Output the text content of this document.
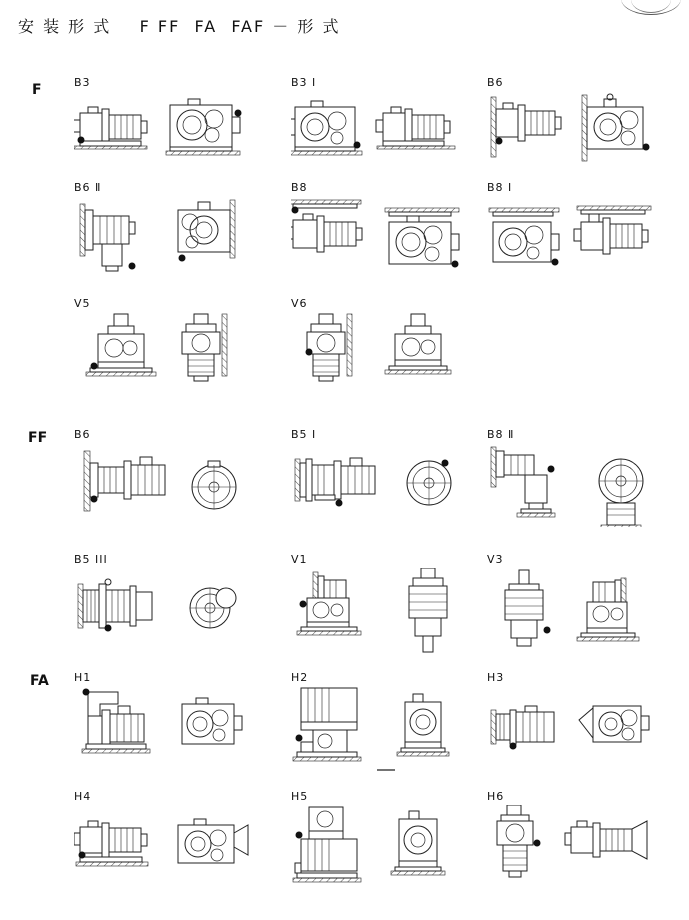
安 装 形 式    F FF  FA  FAF － 形 式
F
FF
FA
B3	B3 Ⅰ	B6
B6 Ⅱ	B8	B8 Ⅰ
V5	V6
B6	B5 Ⅰ	B8 Ⅱ
B5 ⅠⅠⅠ	V1	V3
H1	H2	H3
H4	H5	H6
